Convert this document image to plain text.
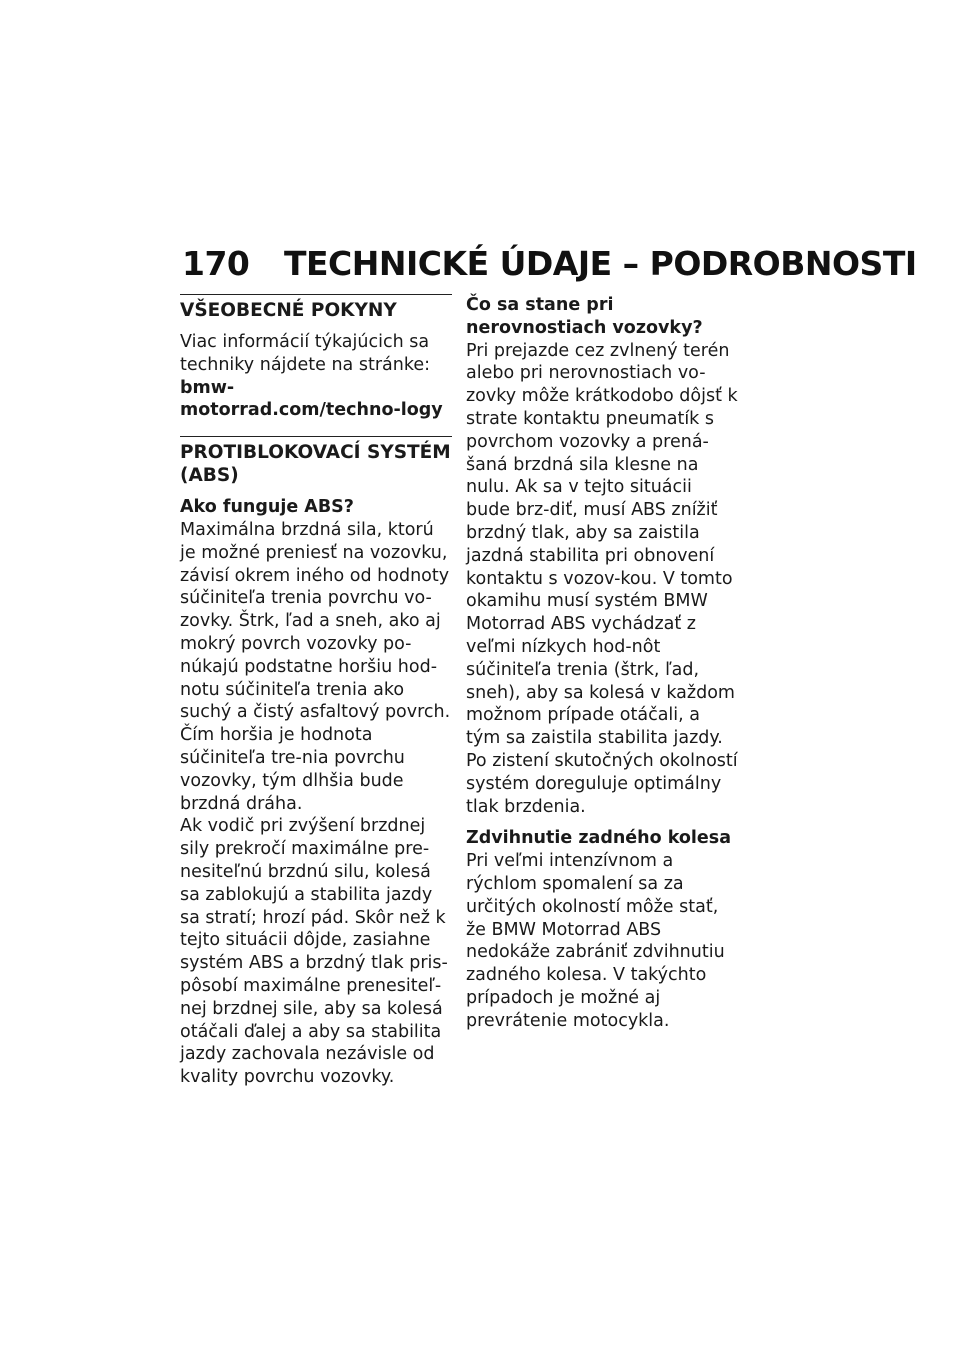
170 TECHNICKÉ ÚDAJE – PODROBNOSTI
VŠEOBECNÉ POKYNY

Viac informácií týkajúcich sa techniky nájdete na stránke:

bmw-motorrad.com/techno-logy

PROTIBLOKOVACÍ SYSTÉM (ABS)
Ako funguje ABS?

Maximálna brzdná sila, ktorú je možné preniesť na vozovku, závisí okrem iného od hodnoty súčiniteľa trenia povrchu vo-zovky. Štrk, ľad a sneh, ako aj mokrý povrch vozovky po-núkajú podstatne horšiu hod-notu súčiniteľa trenia ako suchý a čistý asfaltový povrch. Čím horšia je hodnota súčiniteľa tre-nia povrchu vozovky, tým dlhšia bude brzdná dráha.

Ak vodič pri zvýšení brzdnej sily prekročí maximálne pre-nesiteľnú brzdnú silu, kolesá sa zablokujú a stabilita jazdy sa stratí; hrozí pád. Skôr než k tejto situácii dôjde, zasiahne systém ABS a brzdný tlak pris-pôsobí maximálne prenesiteľ-nej brzdnej sile, aby sa kolesá otáčali ďalej a aby sa stabilita jazdy zachovala nezávisle od kvality povrchu vozovky.

Čo sa stane pri nerovnostiach vozovky?

Pri prejazde cez zvlnený terén alebo pri nerovnostiach vo-zovky môže krátkodobo dôjsť k strate kontaktu pneumatík s povrchom vozovky a prená-šaná brzdná sila klesne na nulu. Ak sa v tejto situácii bude brz-diť, musí ABS znížiť brzdný tlak, aby sa zaistila jazdná stabilita pri obnovení kontaktu s vozov-kou. V tomto okamihu musí systém BMW Motorrad ABS vychádzať z veľmi nízkych hod-nôt súčiniteľa trenia (štrk, ľad, sneh), aby sa kolesá v každom možnom prípade otáčali, a tým sa zaistila stabilita jazdy. Po zistení skutočných okolností systém doreguluje optimálny tlak brzdenia.

Zdvihnutie zadného kolesa

Pri veľmi intenzívnom a rýchlom spomalení sa za určitých okolností môže stať, že BMW Motorrad ABS nedokáže zabrániť zdvihnutiu zadného kolesa. V takýchto prípadoch je možné aj prevrátenie motocykla.
